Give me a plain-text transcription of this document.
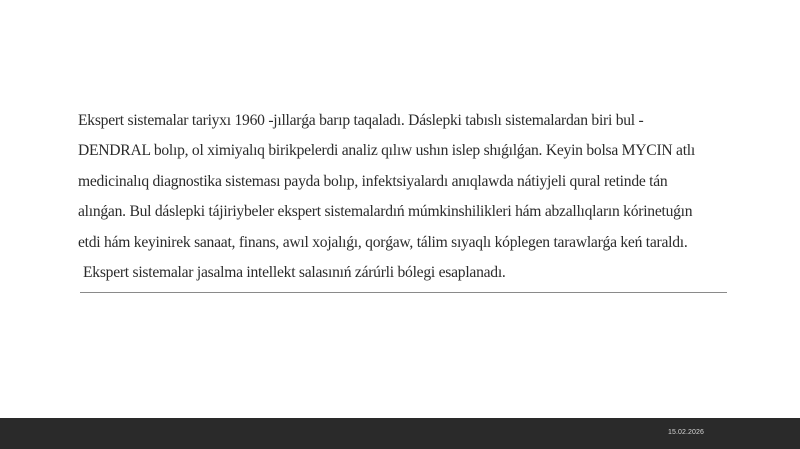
Ekspert sistemalar tariyxı 1960 -jıllarǵa barıp taqaladı. Dáslepki tabıslı sistemalardan biri bul -
DENDRAL bolıp, ol ximiyalıq birikpelerdi analiz qılıw ushın islep shıǵılǵan. Keyin bolsa MYCIN atlı
medicinalıq diagnostika sisteması payda bolıp, infektsiyalardı anıqlawda nátiyjeli qural retinde tán
alınǵan. Bul dáslepki tájiriybeler ekspert sistemalardıń múmkinshilikleri hám abzallıqların kórinetuǵın
etdi hám keyinirek sanaat, finans, awıl xojalıǵı, qorǵaw, tálim sıyaqlı kóplegen tarawlarǵa keń taraldı.
Ekspert sistemalar jasalma intellekt salasınıń zárúrli bólegi esaplanadı.
15.02.2026
